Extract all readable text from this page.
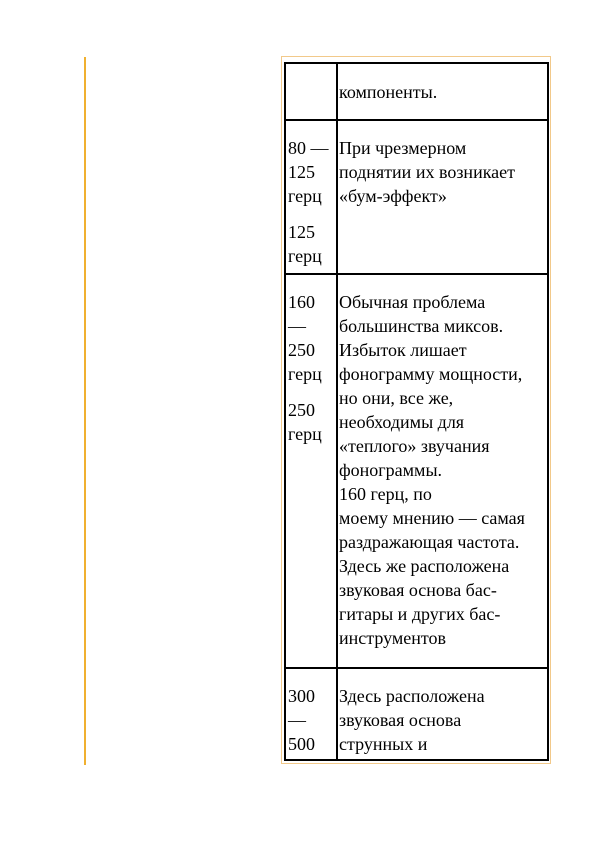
компоненты.
80 —
125
герц
125
герц
При чрезмерном
поднятии их возникает
«бум-эффект»
160
—
250
герц
250
герц
Обычная проблема
большинства миксов.
Избыток лишает
фонограмму мощности,
но они, все же,
необходимы для
«теплого» звучания
фонограммы.
160 герц, по
моему мнению — самая
раздражающая частота.
Здесь же расположена
звуковая основа бас-
гитары и других бас-
инструментов
300
—
500
Здесь расположена
звуковая основа
струнных и
